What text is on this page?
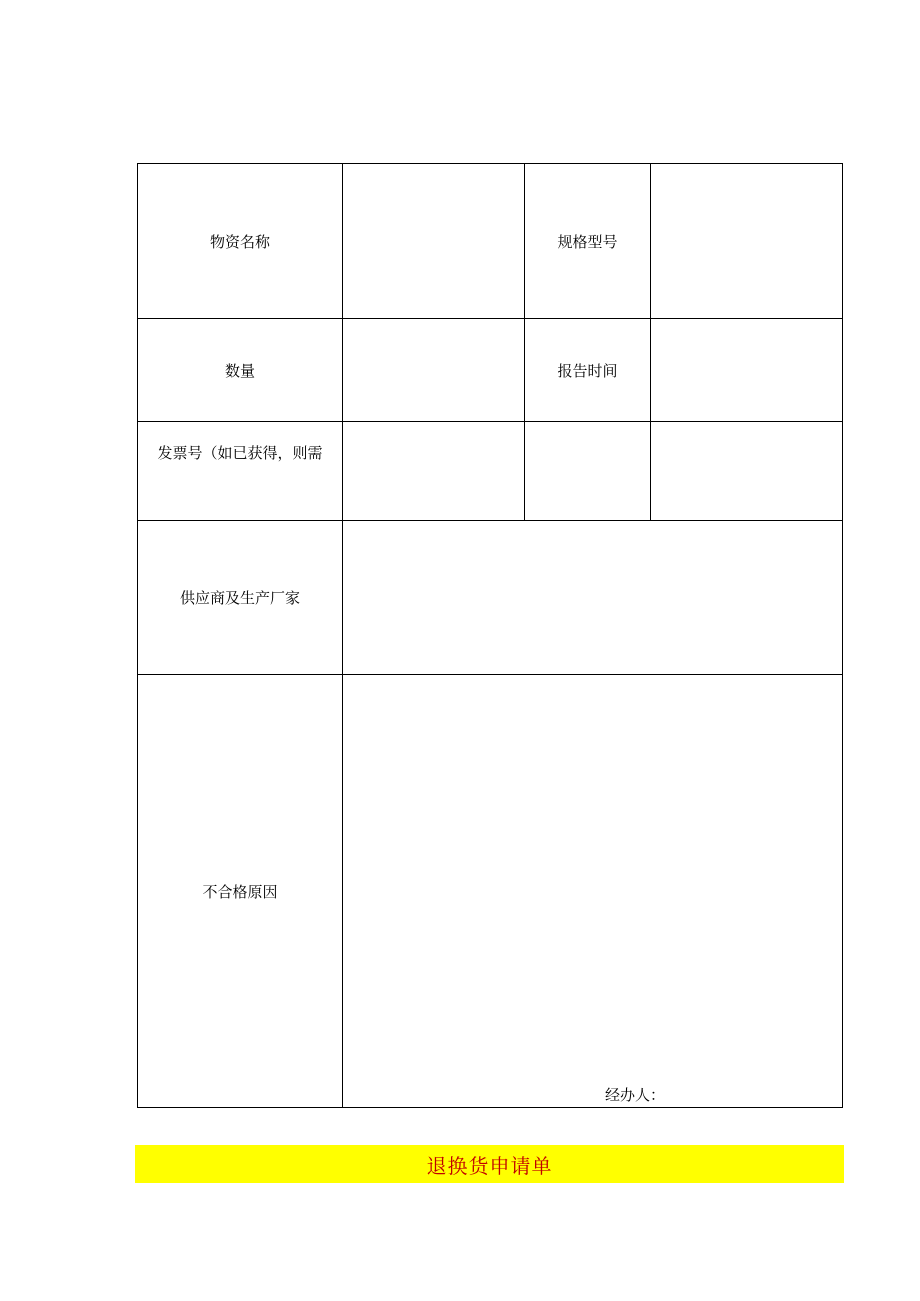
物资名称		规格型号	
数量		报告时间	
发票号（如已获得，则需			
供应商及生产厂家			
不合格原因	经办人：		
退换货申请单
